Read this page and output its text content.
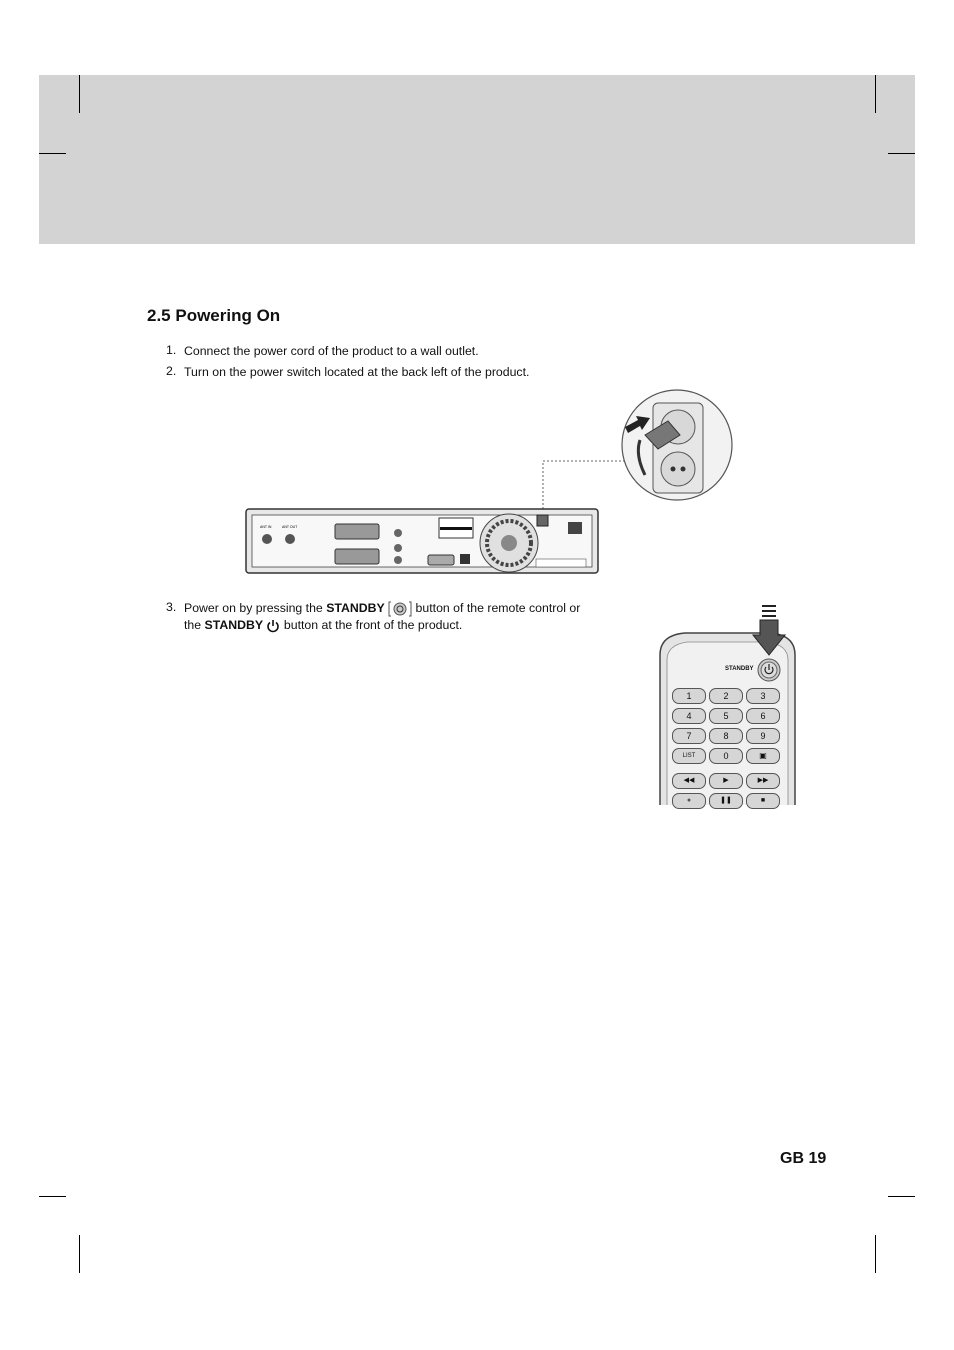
2.5 Powering On
1. Connect the power cord of the product to a wall outlet.
2. Turn on the power switch located at the back left of the product.
ANT IN	ANT OUT
3. Power on by pressing the STANDBY  button of the remote control or
the STANDBY  button at the front of the product.
STANDBY
1	2	3
4	5	6
7	8	9
LIST	0	▣
◀◀	▶	▶▶
●	❚❚	■
GB 19
